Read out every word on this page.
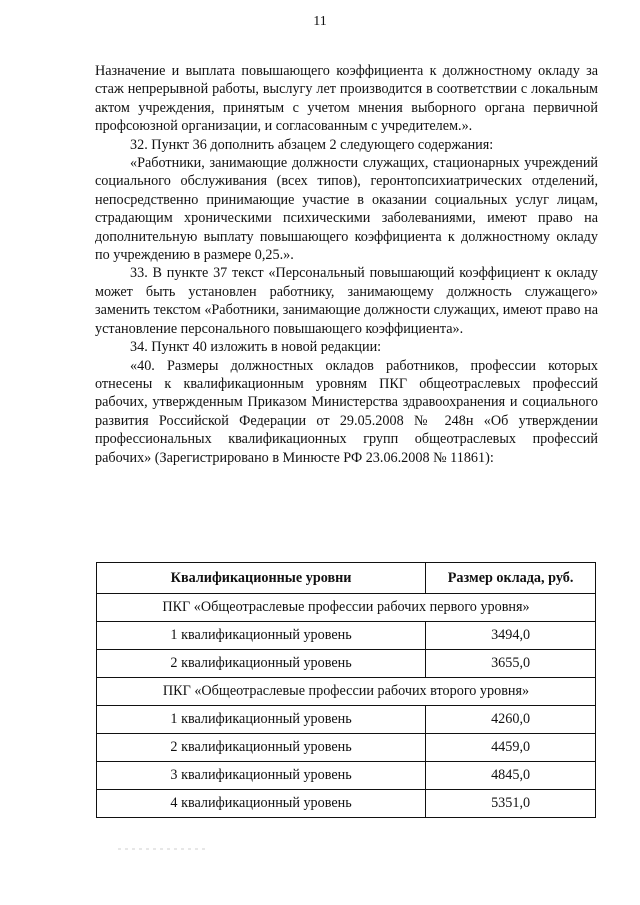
11

Назначение и выплата повышающего коэффициента к должностному окладу за стаж непрерывной работы, выслугу лет производится в соответствии с локальным актом учреждения, принятым с учетом мнения выборного органа первичной профсоюзной организации, и согласованным с учредителем.».

32. Пункт 36 дополнить абзацем 2 следующего содержания:

«Работники, занимающие должности служащих, стационарных учреждений социального обслуживания (всех типов), геронтопсихиатрических отделений, непосредственно принимающие участие в оказании социальных услуг лицам, страдающим хроническими психическими заболеваниями, имеют право на дополнительную выплату повышающего коэффициента к должностному окладу по учреждению в размере 0,25.».

33. В пункте 37 текст «Персональный повышающий коэффициент к окладу может быть установлен работнику, занимающему должность служащего» заменить текстом «Работники, занимающие должности служащих, имеют право на установление персонального повышающего коэффициента».

34. Пункт 40 изложить в новой редакции:

«40. Размеры должностных окладов работников, профессии которых отнесены к квалификационным уровням ПКГ общеотраслевых профессий рабочих, утвержденным Приказом Министерства здравоохранения и социального развития Российской Федерации от 29.05.2008 № 248н «Об утверждении профессиональных квалификационных групп общеотраслевых профессий рабочих» (Зарегистрировано в Минюсте РФ 23.06.2008 № 11861):

Квалификационные уровни	Размер оклада, руб.
ПКГ «Общеотраслевые профессии рабочих первого уровня»	
1 квалификационный уровень	3494,0
2 квалификационный уровень	3655,0
ПКГ «Общеотраслевые профессии рабочих второго уровня»	
1 квалификационный уровень	4260,0
2 квалификационный уровень	4459,0
3 квалификационный уровень	4845,0
4 квалификационный уровень	5351,0
